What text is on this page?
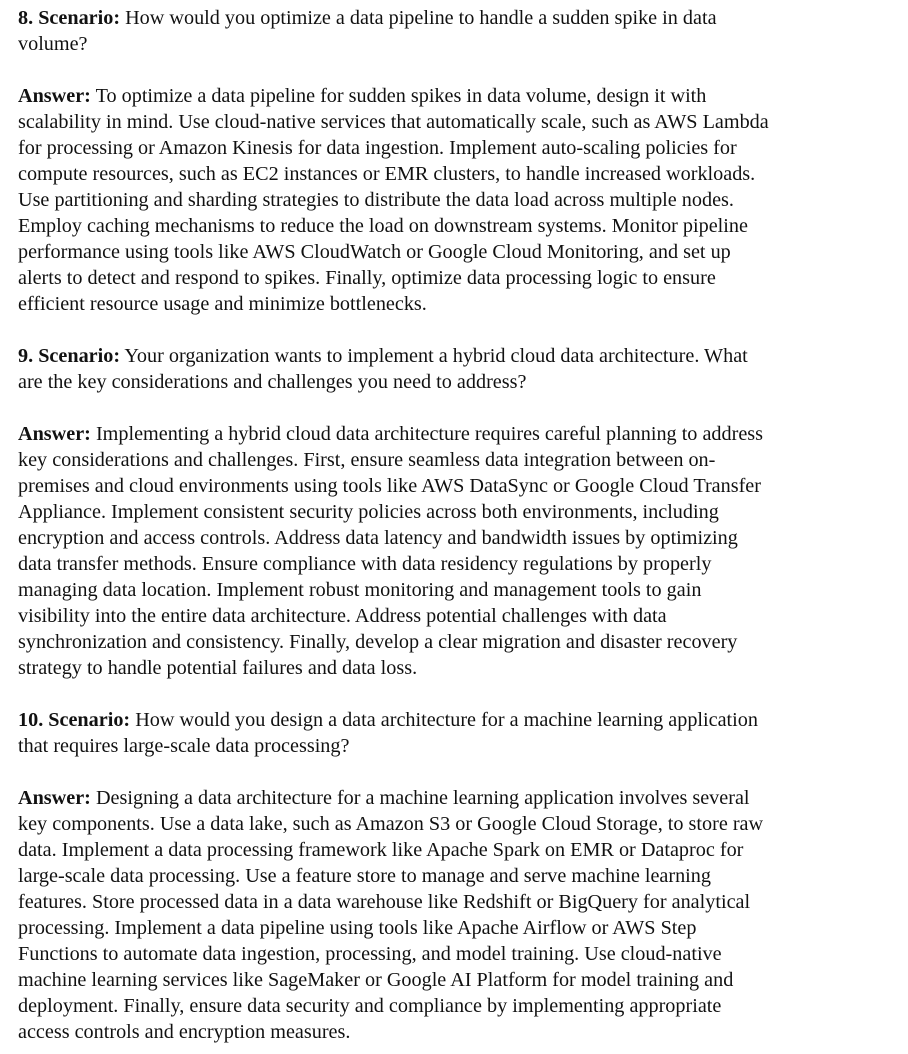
8. Scenario: How would you optimize a data pipeline to handle a sudden spike in data
volume?

Answer: To optimize a data pipeline for sudden spikes in data volume, design it with
scalability in mind. Use cloud-native services that automatically scale, such as AWS Lambda
for processing or Amazon Kinesis for data ingestion. Implement auto-scaling policies for
compute resources, such as EC2 instances or EMR clusters, to handle increased workloads.
Use partitioning and sharding strategies to distribute the data load across multiple nodes.
Employ caching mechanisms to reduce the load on downstream systems. Monitor pipeline
performance using tools like AWS CloudWatch or Google Cloud Monitoring, and set up
alerts to detect and respond to spikes. Finally, optimize data processing logic to ensure
efficient resource usage and minimize bottlenecks.

9. Scenario: Your organization wants to implement a hybrid cloud data architecture. What
are the key considerations and challenges you need to address?

Answer: Implementing a hybrid cloud data architecture requires careful planning to address
key considerations and challenges. First, ensure seamless data integration between on-
premises and cloud environments using tools like AWS DataSync or Google Cloud Transfer
Appliance. Implement consistent security policies across both environments, including
encryption and access controls. Address data latency and bandwidth issues by optimizing
data transfer methods. Ensure compliance with data residency regulations by properly
managing data location. Implement robust monitoring and management tools to gain
visibility into the entire data architecture. Address potential challenges with data
synchronization and consistency. Finally, develop a clear migration and disaster recovery
strategy to handle potential failures and data loss.

10. Scenario: How would you design a data architecture for a machine learning application
that requires large-scale data processing?

Answer: Designing a data architecture for a machine learning application involves several
key components. Use a data lake, such as Amazon S3 or Google Cloud Storage, to store raw
data. Implement a data processing framework like Apache Spark on EMR or Dataproc for
large-scale data processing. Use a feature store to manage and serve machine learning
features. Store processed data in a data warehouse like Redshift or BigQuery for analytical
processing. Implement a data pipeline using tools like Apache Airflow or AWS Step
Functions to automate data ingestion, processing, and model training. Use cloud-native
machine learning services like SageMaker or Google AI Platform for model training and
deployment. Finally, ensure data security and compliance by implementing appropriate
access controls and encryption measures.
